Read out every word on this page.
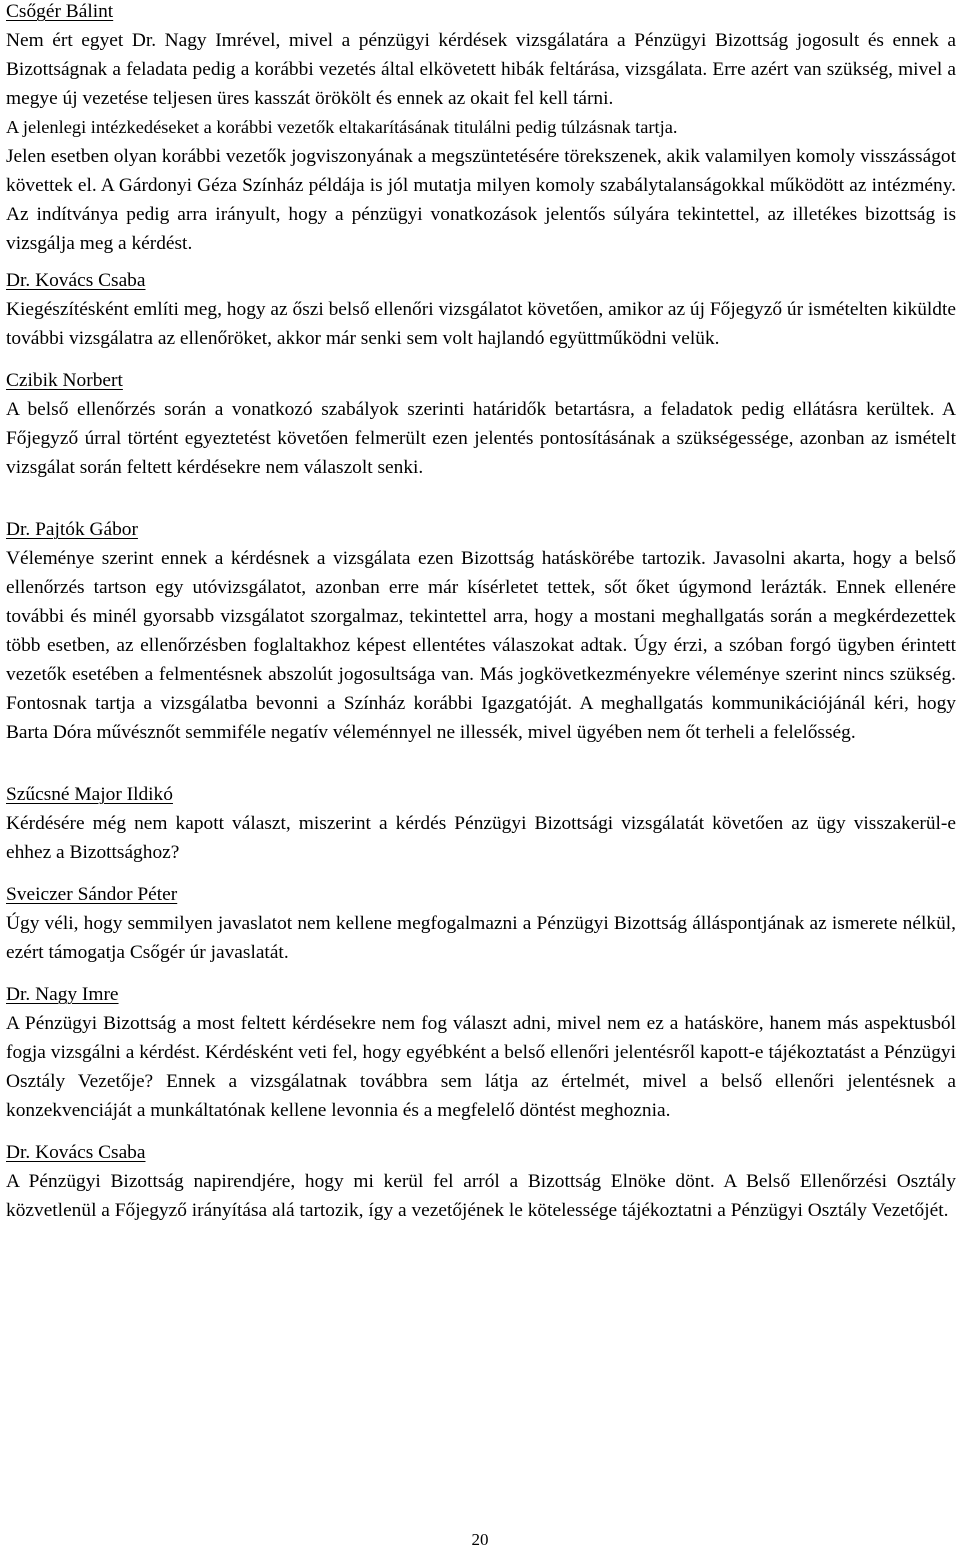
Csőgér Bálint

Nem ért egyet Dr. Nagy Imrével, mivel a pénzügyi kérdések vizsgálatára a Pénzügyi Bizottság jogosult és ennek a Bizottságnak a feladata pedig a korábbi vezetés által elkövetett hibák feltárása, vizsgálata. Erre azért van szükség, mivel a megye új vezetése teljesen üres kasszát örökölt és ennek az okait fel kell tárni.

A jelenlegi intézkedéseket a korábbi vezetők eltakarításának titulálni pedig túlzásnak tartja.

Jelen esetben olyan korábbi vezetők jogviszonyának a megszüntetésére törekszenek, akik valamilyen komoly visszásságot követtek el. A Gárdonyi Géza Színház példája is jól mutatja milyen komoly szabálytalanságokkal működött az intézmény. Az indítványa pedig arra irányult, hogy a pénzügyi vonatkozások jelentős súlyára tekintettel, az illetékes bizottság is vizsgálja meg a kérdést.

Dr. Kovács Csaba

Kiegészítésként említi meg, hogy az őszi belső ellenőri vizsgálatot követően, amikor az új Főjegyző úr ismételten kiküldte további vizsgálatra az ellenőröket, akkor már senki sem volt hajlandó együttműködni velük.

Czibik Norbert

A belső ellenőrzés során a vonatkozó szabályok szerinti határidők betartásra, a feladatok pedig ellátásra kerültek. A Főjegyző úrral történt egyeztetést követően felmerült ezen jelentés pontosításának a szükségessége, azonban az ismételt vizsgálat során feltett kérdésekre nem válaszolt senki.

Dr. Pajtók Gábor

Véleménye szerint ennek a kérdésnek a vizsgálata ezen Bizottság hatáskörébe tartozik. Javasolni akarta, hogy a belső ellenőrzés tartson egy utóvizsgálatot, azonban erre már kísérletet tettek, sőt őket úgymond lerázták. Ennek ellenére további és minél gyorsabb vizsgálatot szorgalmaz, tekintettel arra, hogy a mostani meghallgatás során a megkérdezettek több esetben, az ellenőrzésben foglaltakhoz képest ellentétes válaszokat adtak. Úgy érzi, a szóban forgó ügyben érintett vezetők esetében a felmentésnek abszolút jogosultsága van. Más jogkövetkezményekre véleménye szerint nincs szükség. Fontosnak tartja a vizsgálatba bevonni a Színház korábbi Igazgatóját. A meghallgatás kommunikációjánál kéri, hogy Barta Dóra művésznőt semmiféle negatív véleménnyel ne illessék, mivel ügyében nem őt terheli a felelősség.

Szűcsné Major Ildikó

Kérdésére még nem kapott választ, miszerint a kérdés Pénzügyi Bizottsági vizsgálatát követően az ügy visszakerül-e ehhez a Bizottsághoz?

Sveiczer Sándor Péter

Úgy véli, hogy semmilyen javaslatot nem kellene megfogalmazni a Pénzügyi Bizottság álláspontjának az ismerete nélkül, ezért támogatja Csőgér úr javaslatát.

Dr. Nagy Imre

A Pénzügyi Bizottság a most feltett kérdésekre nem fog választ adni, mivel nem ez a hatásköre, hanem más aspektusból fogja vizsgálni a kérdést. Kérdésként veti fel, hogy egyébként a belső ellenőri jelentésről kapott-e tájékoztatást a Pénzügyi Osztály Vezetője? Ennek a vizsgálatnak továbbra sem látja az értelmét, mivel a belső ellenőri jelentésnek a konzekvenciáját a munkáltatónak kellene levonnia és a megfelelő döntést meghoznia.

Dr. Kovács Csaba

A Pénzügyi Bizottság napirendjére, hogy mi kerül fel arról a Bizottság Elnöke dönt. A Belső Ellenőrzési Osztály közvetlenül a Főjegyző irányítása alá tartozik, így a vezetőjének le kötelessége tájékoztatni a Pénzügyi Osztály Vezetőjét.

20
